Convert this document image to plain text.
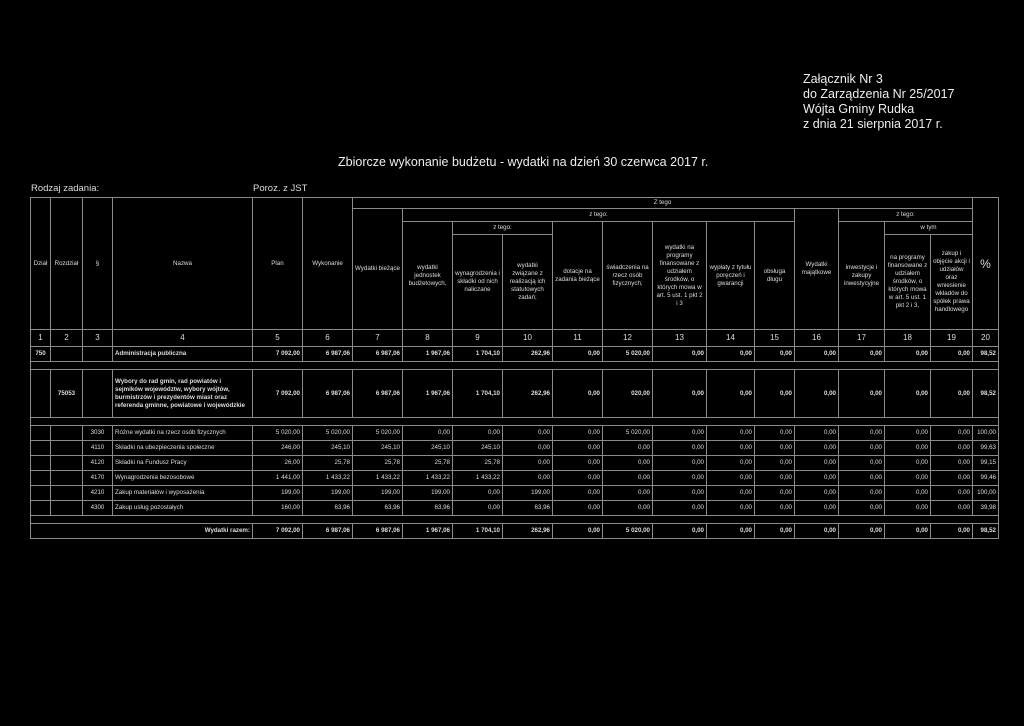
Załącznik Nr 3
do Zarządzenia Nr 25/2017
Wójta Gminy Rudka
z dnia 21 sierpnia 2017 r.
Zbiorcze wykonanie budżetu - wydatki na dzień 30 czerwca 2017 r.
Rodzaj zadania:	Poroz. z JST
Dział	Rozdział	§	Nazwa	Plan	Wykonanie	Z tego													%
						Wydatki bieżące	z tego:								Wydatki majątkowe	z tego:			
							wydatki jednostek budżetowych,	z tego:		dotacje na zadania bieżące	świadczenia na rzecz osób fizycznych;	wydatki na programy finansowane z udziałem środków, o których mowa w art. 5 ust. 1 pkt 2 i 3	wypłaty z tytułu poręczeń i gwarancji	obsługa długu		inwestycje i zakupy inwestycyjne	w tym		
								wynagrodzenia i składki od nich naliczane	wydatki związane z realizacją ich statutowych zadań;								na programy finansowane z udziałem środków, o których mowa w art. 5 ust. 1 pkt 2 i 3,	zakup i objęcie akcji i udziałów oraz wniesienie wkładów do spółek prawa handlowego	
1	2	3	4	5	6	7	8	9	10	11	12	13	14	15	16	17	18	19	20
750			Administracja publiczna	7 092,00	6 987,06	6 987,06	1 967,06	1 704,10	262,96	0,00	5 020,00	0,00	0,00	0,00	0,00	0,00	0,00	0,00	98,52

	75053		Wybory do rad gmin, rad powiatów i sejmików województw, wybory wójtów, burmistrzów i prezydentów miast oraz referenda gminne, powiatowe i wojewódzkie	7 092,00	6 987,06	6 987,06	1 967,06	1 704,10	262,96	0,00	020,00	0,00	0,00	0,00	0,00	0,00	0,00	0,00	98,52

		3030	Różne wydatki na rzecz osób fizycznych	5 020,00	5 020,00	5 020,00	0,00	0,00	0,00	0,00	5 020,00	0,00	0,00	0,00	0,00	0,00	0,00	0,00	100,00
		4110	Składki na ubezpieczenia społeczne	246,00	245,10	245,10	245,10	245,10	0,00	0,00	0,00	0,00	0,00	0,00	0,00	0,00	0,00	0,00	99,63
		4120	Składki na Fundusz Pracy	26,00	25,78	25,78	25,78	25,78	0,00	0,00	0,00	0,00	0,00	0,00	0,00	0,00	0,00	0,00	99,15
		4170	Wynagrodzenia bezosobowe	1 441,00	1 433,22	1 433,22	1 433,22	1 433,22	0,00	0,00	0,00	0,00	0,00	0,00	0,00	0,00	0,00	0,00	99,46
		4210	Zakup materiałów i wyposażenia	199,00	199,00	199,00	199,00	0,00	199,00	0,00	0,00	0,00	0,00	0,00	0,00	0,00	0,00	0,00	100,00
		4300	Zakup usług pozostałych	160,00	63,96	63,96	63,96	0,00	63,96	0,00	0,00	0,00	0,00	0,00	0,00	0,00	0,00	0,00	39,98

Wydatki razem:				7 092,00	6 987,06	6 987,06	1 967,06	1 704,10	262,96	0,00	5 020,00	0,00	0,00	0,00	0,00	0,00	0,00	0,00	98,52
